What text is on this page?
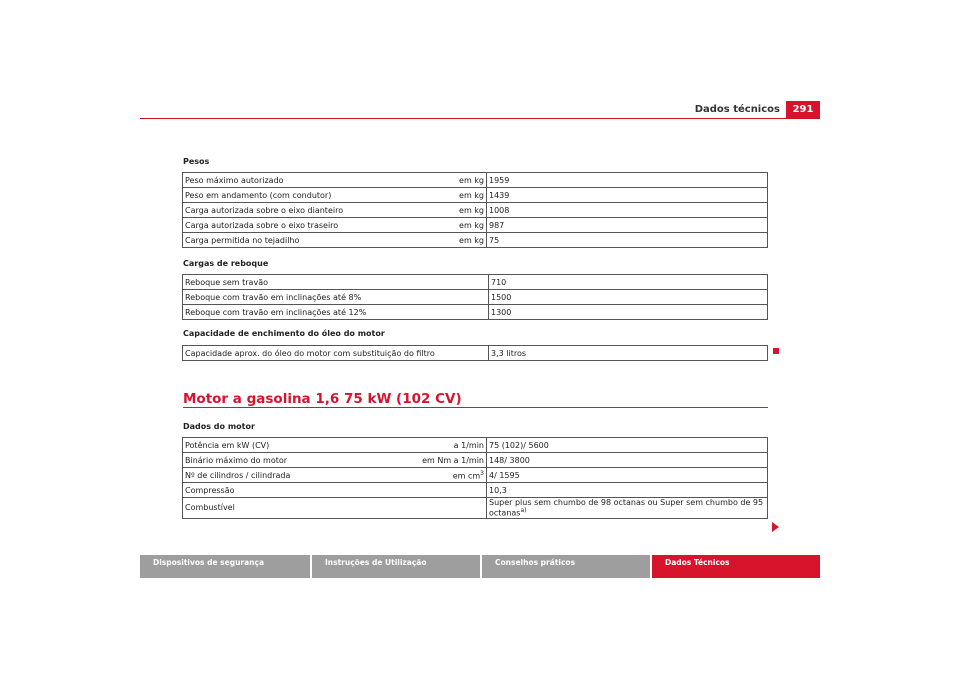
Dados técnicos	291
Pesos
Peso máximo autorizado	em kg	1959
Peso em andamento (com condutor)	em kg	1439
Carga autorizada sobre o eixo dianteiro	em kg	1008
Carga autorizada sobre o eixo traseiro	em kg	987
Carga permitida no tejadilho	em kg	75
Cargas de reboque
Reboque sem travão	710
Reboque com travão em inclinações até 8%	1500
Reboque com travão em inclinações até 12%	1300
Capacidade de enchimento do óleo do motor
Capacidade aprox. do óleo do motor com substituição do filtro	3,3 litros
Motor a gasolina 1,6 75 kW (102 CV)
Dados do motor
Potência em kW (CV)	a 1/min	75 (102)/ 5600
Binário máximo do motor	em Nm a 1/min	148/ 3800
Nº de cilindros / cilindrada	em $cm^3$	4/ 1595
Compressão		10,3
Combustível		Super plus sem chumbo de 98 octanas ou Super sem chumbo de 95 octanas$^{a)}$
Dispositivos de segurança	Instruções de Utilização	Conselhos práticos	Dados Técnicos
